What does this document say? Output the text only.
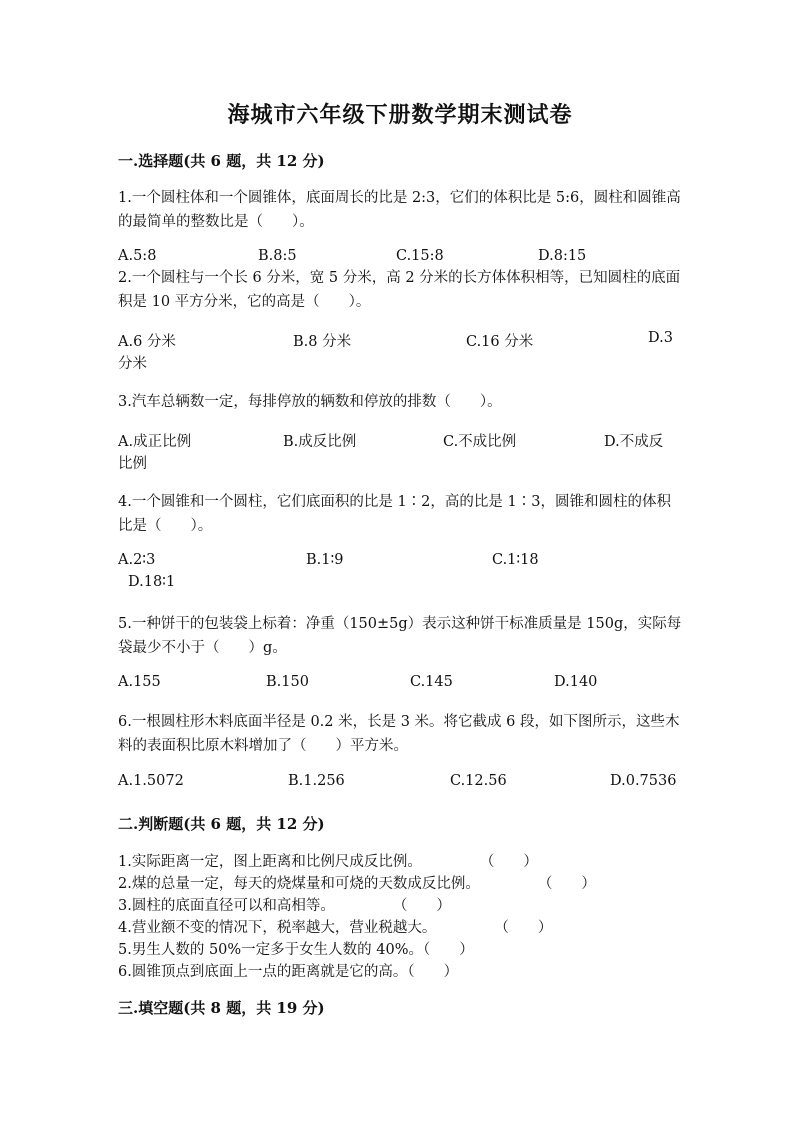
海城市六年级下册数学期末测试卷
一.选择题(共 6 题，共 12 分)
1.一个圆柱体和一个圆锥体，底面周长的比是 2:3，它们的体积比是 5:6，圆柱和圆锥高的最简单的整数比是（　　）。
A.5:8	B.8:5	C.15:8	D.8:15
2.一个圆柱与一个长 6 分米，宽 5 分米，高 2 分米的长方体体积相等，已知圆柱的底面积是 10 平方分米，它的高是（　　）。
A.6 分米	B.8 分米	C.16 分米	D.3
分米
3.汽车总辆数一定，每排停放的辆数和停放的排数（　　）。
A.成正比例	B.成反比例	C.不成比例	D.不成反
比例
4.一个圆锥和一个圆柱，它们底面积的比是 1∶2，高的比是 1∶3，圆锥和圆柱的体积比是（　　）。
A.2∶3	B.1∶9	C.1∶18
D.18∶1
5.一种饼干的包装袋上标着：净重（150±5g）表示这种饼干标准质量是 150g，实际每袋最少不小于（　　）g。
A.155	B.150	C.145	D.140
6.一根圆柱形木料底面半径是 0.2 米，长是 3 米。将它截成 6 段，如下图所示，这些木料的表面积比原木料增加了（　　）平方米。
A.1.5072	B.1.256	C.12.56	D.0.7536
二.判断题(共 6 题，共 12 分)
1.实际距离一定，图上距离和比例尺成反比例。　　　　　（　　）
2.煤的总量一定，每天的烧煤量和可烧的天数成反比例。　　　　　（　　）
3.圆柱的底面直径可以和高相等。　　　　　（　　）
4.营业额不变的情况下，税率越大，营业税越大。　　　　　（　　）
5.男生人数的 50%一定多于女生人数的 40%。（　　）
6.圆锥顶点到底面上一点的距离就是它的高。（　　）
三.填空题(共 8 题，共 19 分)
